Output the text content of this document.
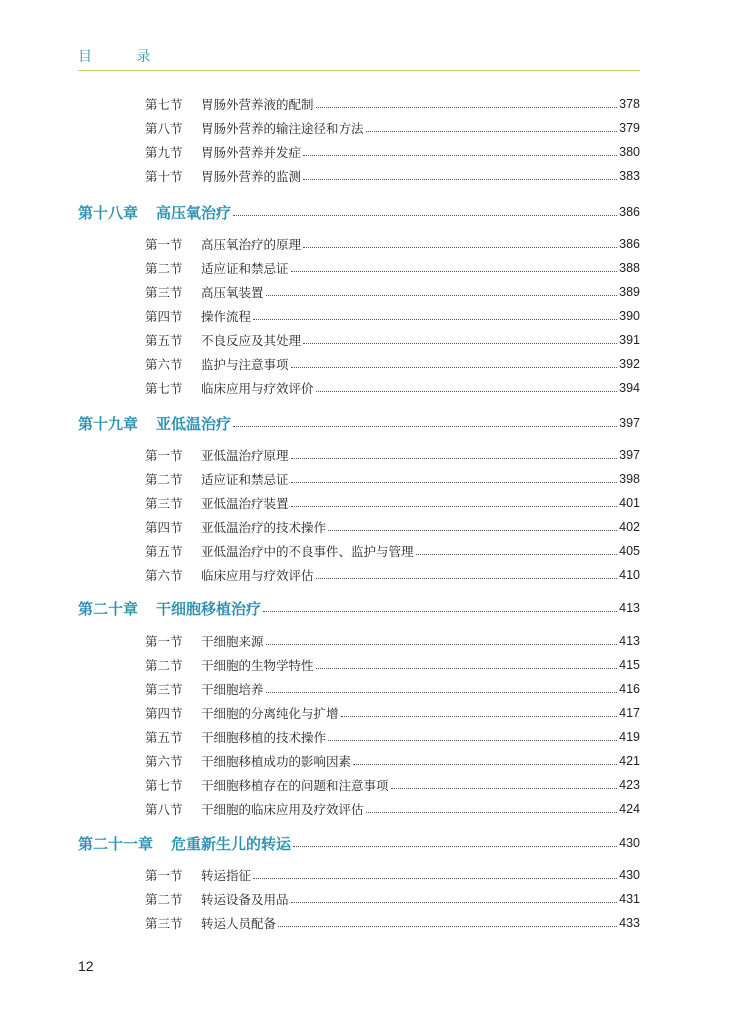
目 录
第七节	胃肠外营养液的配制	378
第八节	胃肠外营养的输注途径和方法	379
第九节	胃肠外营养并发症	380
第十节	胃肠外营养的监测	383
第十八章 高压氧治疗	386
第一节	高压氧治疗的原理	386
第二节	适应证和禁忌证	388
第三节	高压氧装置	389
第四节	操作流程	390
第五节	不良反应及其处理	391
第六节	监护与注意事项	392
第七节	临床应用与疗效评价	394
第十九章 亚低温治疗	397
第一节	亚低温治疗原理	397
第二节	适应证和禁忌证	398
第三节	亚低温治疗装置	401
第四节	亚低温治疗的技术操作	402
第五节	亚低温治疗中的不良事件、监护与管理	405
第六节	临床应用与疗效评估	410
第二十章 干细胞移植治疗	413
第一节	干细胞来源	413
第二节	干细胞的生物学特性	415
第三节	干细胞培养	416
第四节	干细胞的分离纯化与扩增	417
第五节	干细胞移植的技术操作	419
第六节	干细胞移植成功的影响因素	421
第七节	干细胞移植存在的问题和注意事项	423
第八节	干细胞的临床应用及疗效评估	424
第二十一章 危重新生儿的转运	430
第一节	转运指征	430
第二节	转运设备及用品	431
第三节	转运人员配备	433
12
